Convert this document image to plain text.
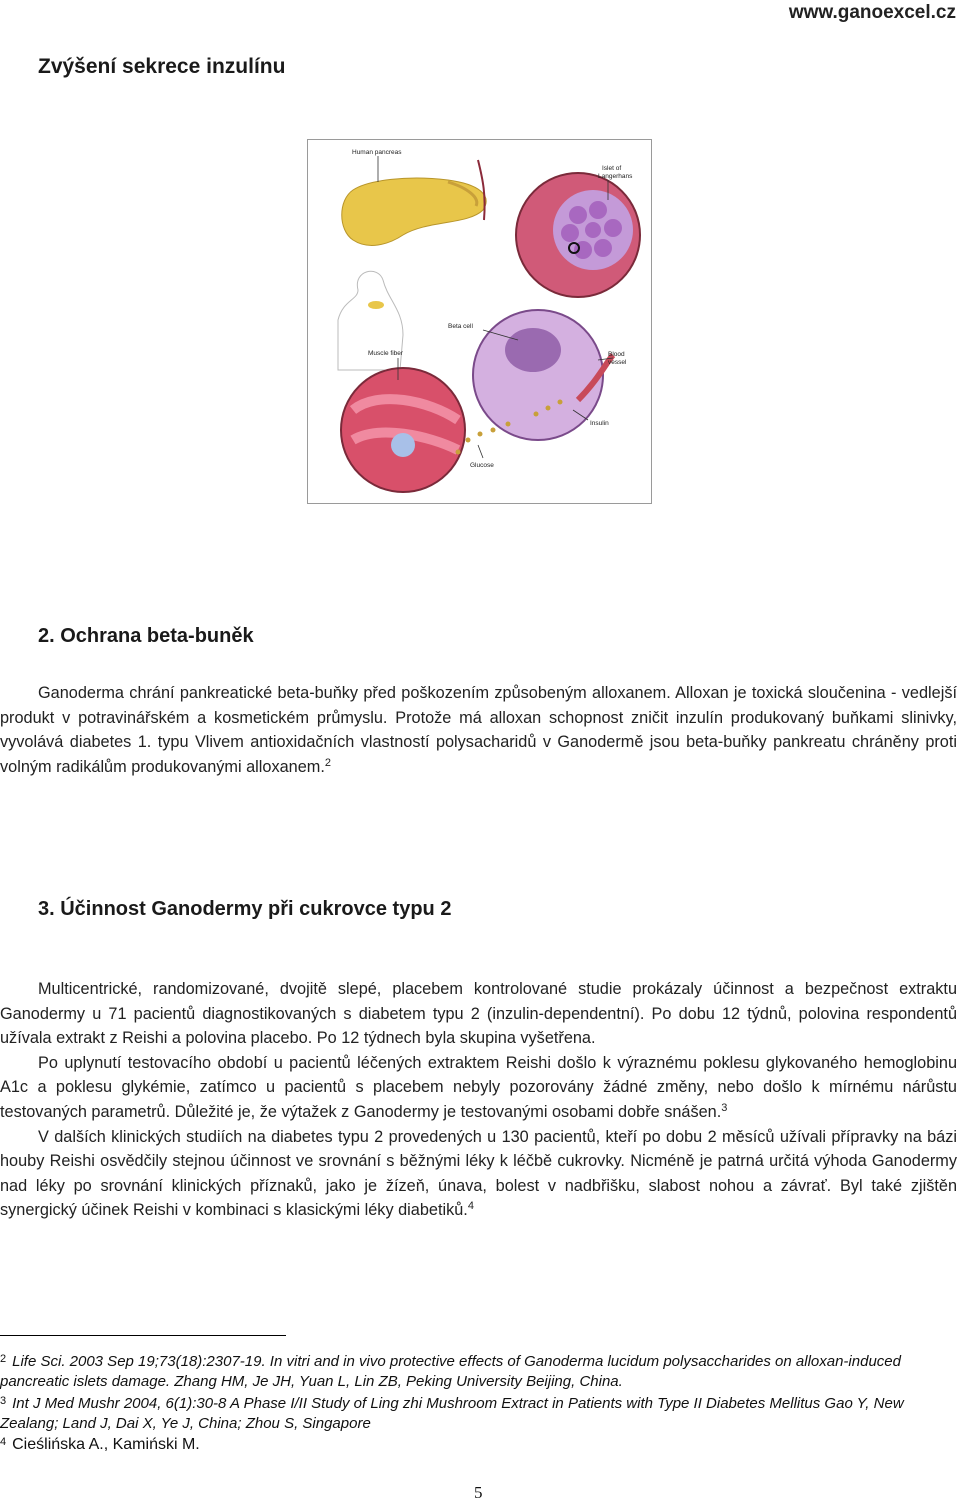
www.ganoexcel.cz
Zvýšení sekrece inzulínu
Human pancreas
Islet of
Langerhans
Beta cell
Muscle fiber	Blood
vessel
Insulin
Glucose
2. Ochrana beta-buněk

Ganoderma chrání pankreatické beta-buňky před poškozením způsobeným alloxanem. Alloxan je toxická sloučenina - vedlejší produkt v potravinářském a kosmetickém průmyslu. Protože má alloxan schopnost zničit inzulín produkovaný buňkami slinivky, vyvolává diabetes 1. typu Vlivem antioxidačních vlastností polysacharidů v Ganodermě jsou beta-buňky pankreatu chráněny proti volným radikálům produkovanými alloxanem.$^2$

3. Účinnost Ganodermy při cukrovce typu 2

Multicentrické, randomizované, dvojitě slepé, placebem kontrolované studie prokázaly účinnost a bezpečnost extraktu Ganodermy u 71 pacientů diagnostikovaných s diabetem typu 2 (inzulin-dependentní). Po dobu 12 týdnů, polovina respondentů užívala extrakt z Reishi a polovina placebo. Po 12 týdnech byla skupina vyšetřena.

Po uplynutí testovacího období u pacientů léčených extraktem Reishi došlo k výraznému poklesu glykovaného hemoglobinu A1c a poklesu glykémie, zatímco u pacientů s placebem nebyly pozorovány žádné změny, nebo došlo k mírnému nárůstu testovaných parametrů. Důležité je, že výtažek z Ganodermy je testovanými osobami dobře snášen.$^3$

V dalších klinických studiích na diabetes typu 2 provedených u 130 pacientů, kteří po dobu 2 měsíců užívali přípravky na bázi houby Reishi osvědčily stejnou účinnost ve srovnání s běžnými léky k léčbě cukrovky. Nicméně je patrná určitá výhoda Ganodermy nad léky po srovnání klinických příznaků, jako je žízeň, únava, bolest v nadbřišku, slabost nohou a závrať. Byl také zjištěn synergický účinek Reishi v kombinaci s klasickými léky diabetiků.$^4$

$^2$ Life Sci. 2003 Sep 19;73(18):2307-19. In vitri and in vivo protective effects of Ganoderma lucidum polysaccharides on alloxan-induced pancreatic islets damage. Zhang HM, Je JH, Yuan L, Lin ZB, Peking University Beijing, China.
$^3$ Int J Med Mushr 2004, 6(1):30-8 A Phase I/II Study of Ling zhi Mushroom Extract in Patients with Type II Diabetes Mellitus Gao Y, New Zealang; Land J, Dai X, Ye J, China; Zhou S, Singapore
$^4$ Cieślińska A., Kamiński M.
5
